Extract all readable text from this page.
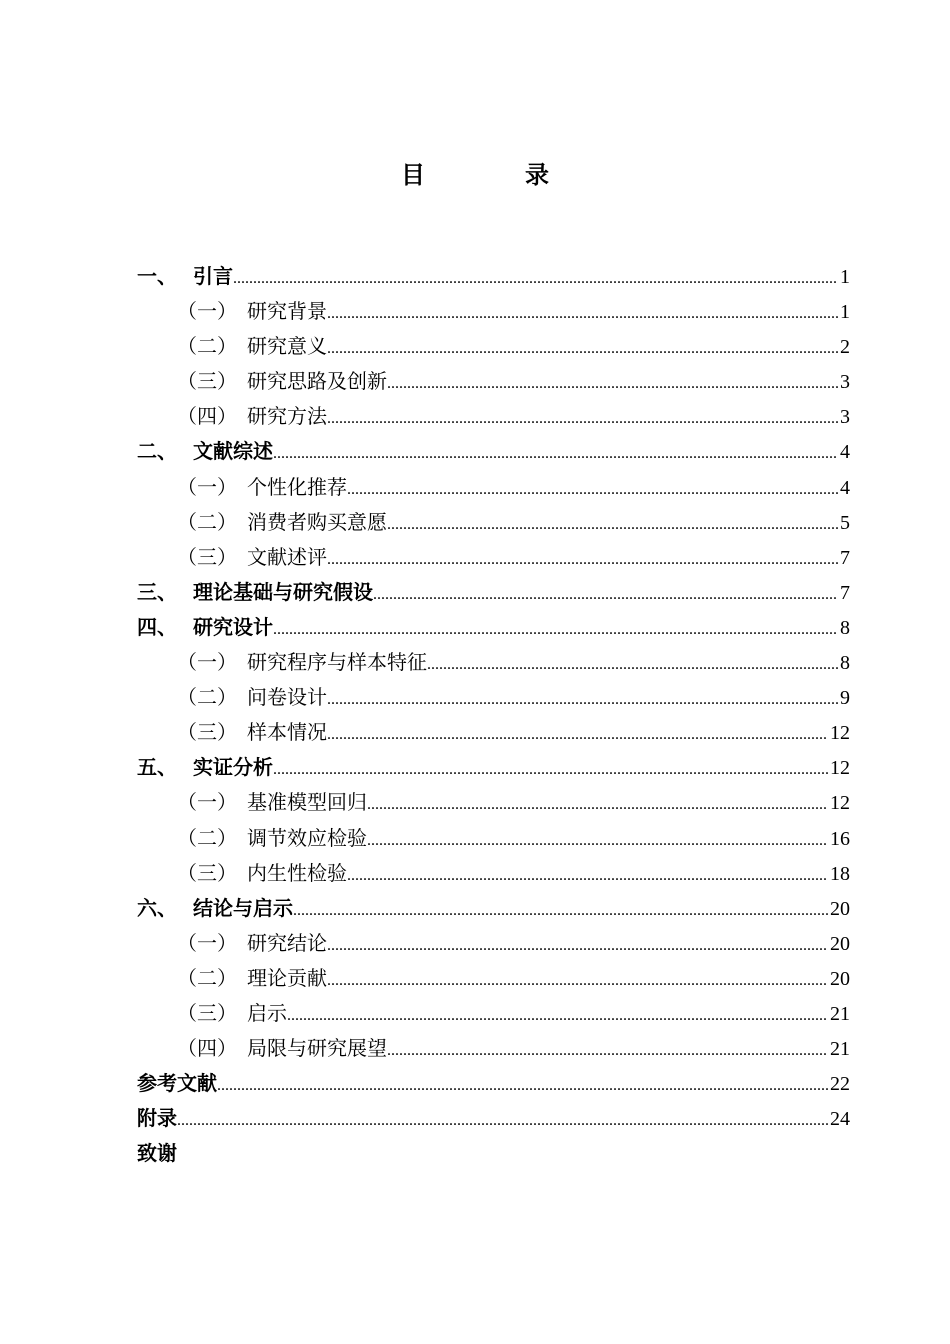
目	录
一、 引言 .....	1
（一） 研究背景 .....	1
（二） 研究意义 .....	2
（三） 研究思路及创新 .....	3
（四） 研究方法 .....	3
二、 文献综述 .....	4
（一） 个性化推荐 .....	4
（二） 消费者购买意愿 .....	5
（三） 文献述评 .....	7
三、 理论基础与研究假设 .....	7
四、 研究设计 .....	8
（一） 研究程序与样本特征 .....	8
（二） 问卷设计 .....	9
（三） 样本情况 .....	12
五、 实证分析 .....	12
（一） 基准模型回归 .....	12
（二） 调节效应检验 .....	16
（三） 内生性检验 .....	18
六、 结论与启示 .....	20
（一） 研究结论 .....	20
（二） 理论贡献 .....	20
（三） 启示 .....	21
（四） 局限与研究展望 .....	21
参考文献 .....	22
附录 .....	24
致谢
